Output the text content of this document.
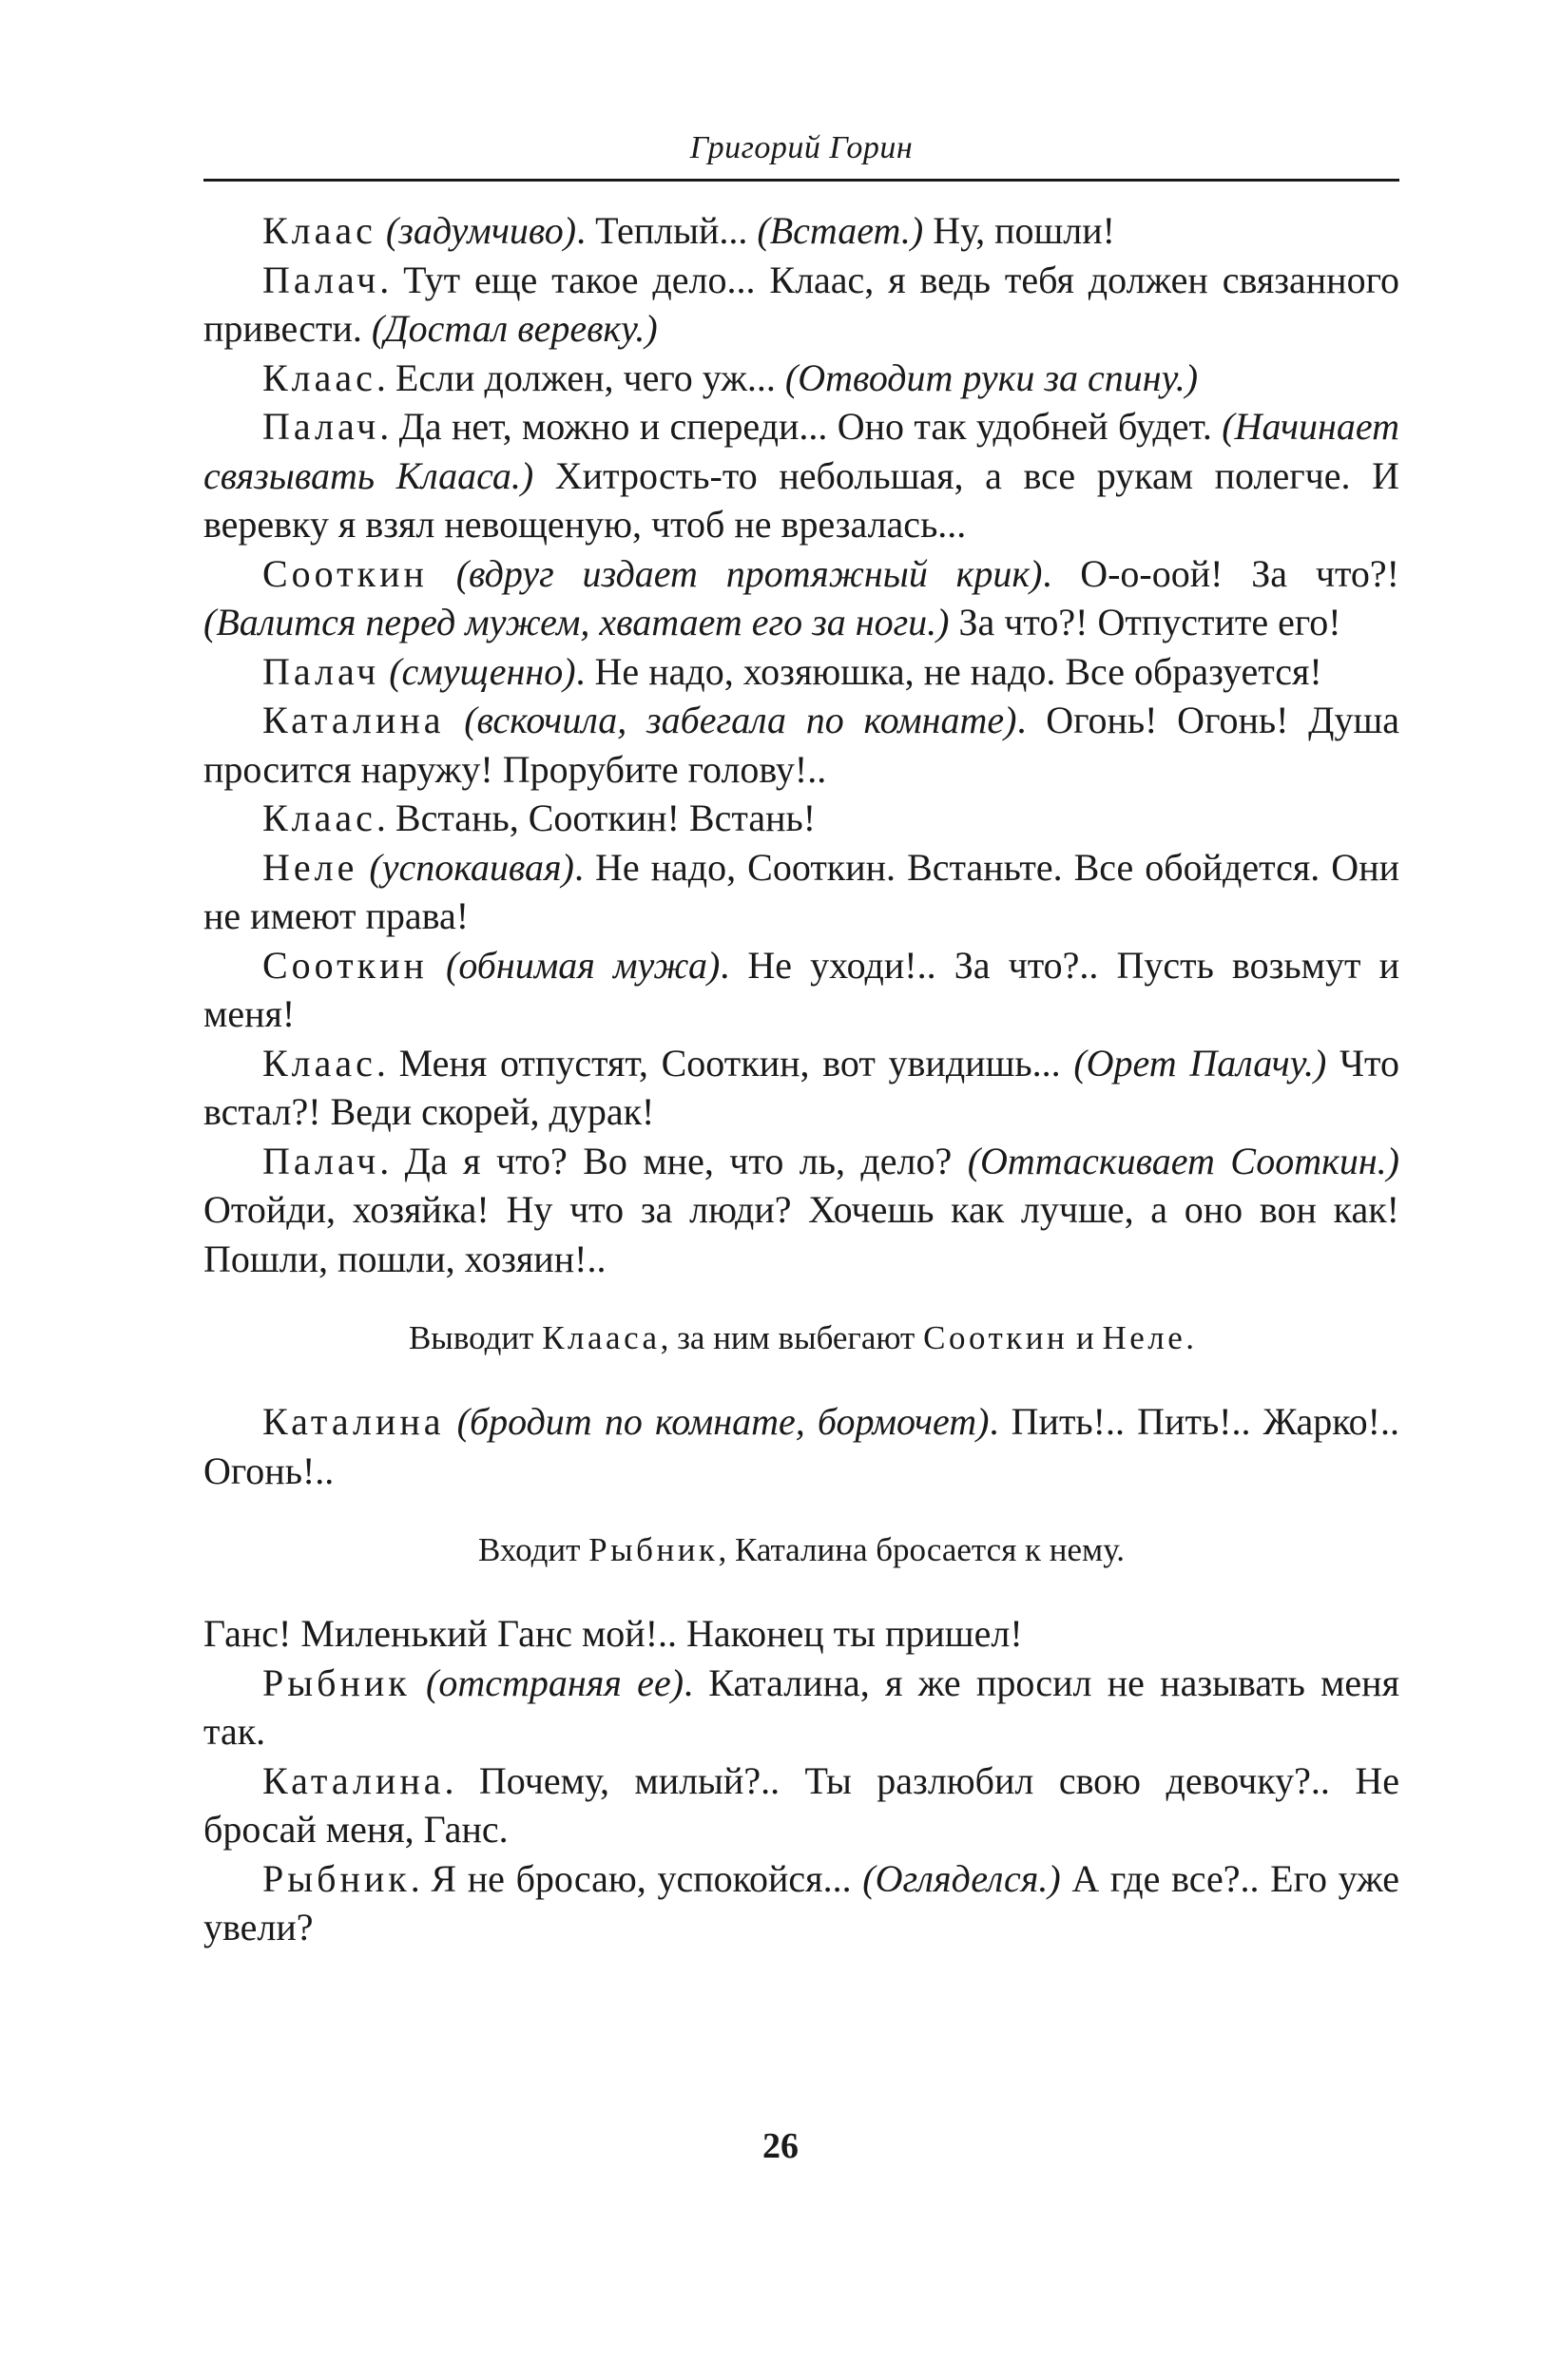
Григорий Горин

Клаас (задумчиво). Теплый... (Встает.) Ну, пошли!

Палач. Тут еще такое дело... Клаас, я ведь тебя должен связанного привести. (Достал веревку.)

Клаас. Если должен, чего уж... (Отводит руки за спину.)

Палач. Да нет, можно и спереди... Оно так удобней будет. (Начинает связывать Клааса.) Хитрость-то небольшая, а все рукам полегче. И веревку я взял невощеную, чтоб не врезалась...

Сооткин (вдруг издает протяжный крик). О-о-оой! За что?! (Валится перед мужем, хватает его за ноги.) За что?! Отпустите его!

Палач (смущенно). Не надо, хозяюшка, не надо. Все образуется!

Каталина (вскочила, забегала по комнате). Огонь! Огонь! Душа просится наружу! Прорубите голову!..

Клаас. Встань, Сооткин! Встань!

Неле (успокаивая). Не надо, Сооткин. Встаньте. Все обойдется. Они не имеют права!

Сооткин (обнимая мужа). Не уходи!.. За что?.. Пусть возьмут и меня!

Клаас. Меня отпустят, Сооткин, вот увидишь... (Орет Палачу.) Что встал?! Веди скорей, дурак!

Палач. Да я что? Во мне, что ль, дело? (Оттаскивает Сооткин.) Отойди, хозяйка! Ну что за люди? Хочешь как лучше, а оно вон как! Пошли, пошли, хозяин!..

Выводит Клааса, за ним выбегают Сооткин и Неле.

Каталина (бродит по комнате, бормочет). Пить!.. Пить!.. Жарко!.. Огонь!..

Входит Рыбник, Каталина бросается к нему.

Ганс! Миленький Ганс мой!.. Наконец ты пришел!

Рыбник (отстраняя ее). Каталина, я же просил не называть меня так.

Каталина. Почему, милый?.. Ты разлюбил свою девочку?.. Не бросай меня, Ганс.

Рыбник. Я не бросаю, успокойся... (Огляделся.) А где все?.. Его уже увели?

26
